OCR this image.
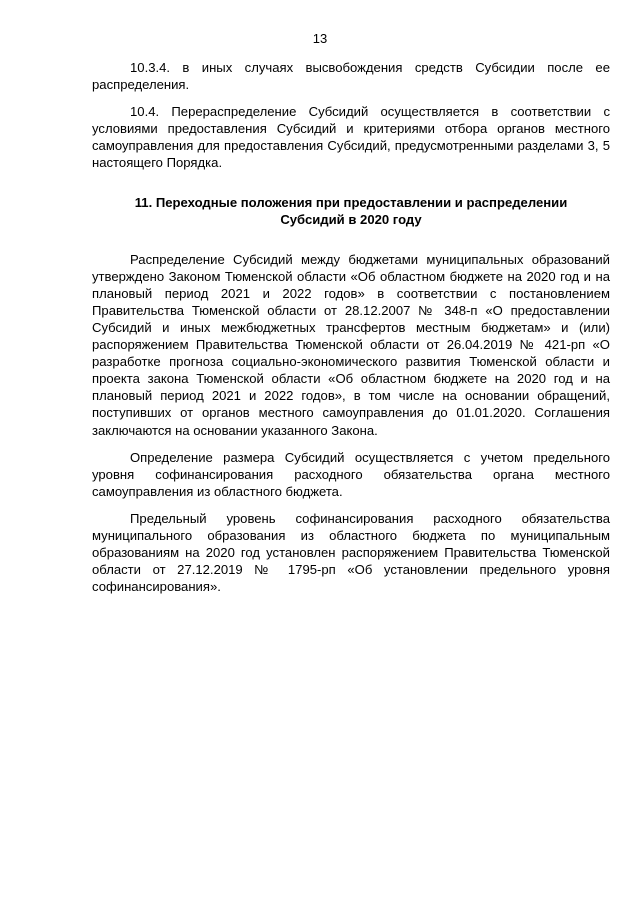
13

10.3.4. в иных случаях высвобождения средств Субсидии после ее распределения.

10.4. Перераспределение Субсидий осуществляется в соответствии с условиями предоставления Субсидий и критериями отбора органов местного самоуправления для предоставления Субсидий, предусмотренными разделами 3, 5 настоящего Порядка.

11. Переходные положения при предоставлении и распределении Субсидий в 2020 году

Распределение Субсидий между бюджетами муниципальных образований утверждено Законом Тюменской области «Об областном бюджете на 2020 год и на плановый период 2021 и 2022 годов» в соответствии с постановлением Правительства Тюменской области от 28.12.2007 № 348-п «О предоставлении Субсидий и иных межбюджетных трансфертов местным бюджетам» и (или) распоряжением Правительства Тюменской области от 26.04.2019 № 421-рп «О разработке прогноза социально-экономического развития Тюменской области и проекта закона Тюменской области «Об областном бюджете на 2020 год и на плановый период 2021 и 2022 годов», в том числе на основании обращений, поступивших от органов местного самоуправления до 01.01.2020. Соглашения заключаются на основании указанного Закона.

Определение размера Субсидий осуществляется с учетом предельного уровня софинансирования расходного обязательства органа местного самоуправления из областного бюджета.

Предельный уровень софинансирования расходного обязательства муниципального образования из областного бюджета по муниципальным образованиям на 2020 год установлен распоряжением Правительства Тюменской области от 27.12.2019 № 1795-рп «Об установлении предельного уровня софинансирования».
